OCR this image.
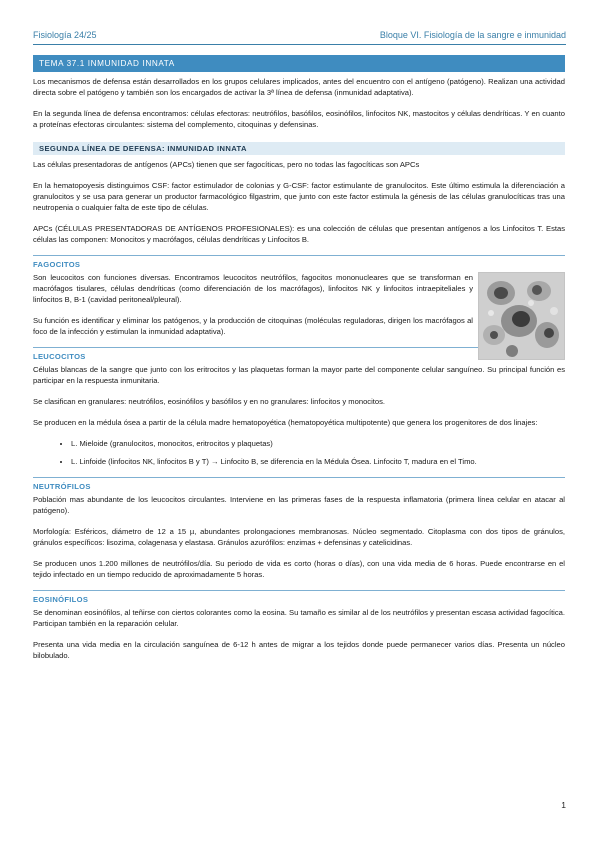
Fisiología 24/25	Bloque VI. Fisiología de la sangre e inmunidad
TEMA 37.1 INMUNIDAD INNATA

Los mecanismos de defensa están desarrollados en los grupos celulares implicados, antes del encuentro con el antígeno (patógeno). Realizan una actividad directa sobre el patógeno y también son los encargados de activar la 3ª línea de defensa (inmunidad adaptativa).

En la segunda línea de defensa encontramos: células efectoras: neutrófilos, basófilos, eosinófilos, linfocitos NK, mastocitos y células dendríticas. Y en cuanto a proteínas efectoras circulantes: sistema del complemento, citoquinas y defensinas.

SEGUNDA LÍNEA DE DEFENSA: INMUNIDAD INNATA

Las células presentadoras de antígenos (APCs) tienen que ser fagocíticas, pero no todas las fagocíticas son APCs

En la hematopoyesis distinguimos CSF: factor estimulador de colonias y G-CSF: factor estimulante de granulocitos. Este último estimula la diferenciación a granulocitos y se usa para generar un productor farmacológico filgastrim, que junto con este factor estimula la génesis de las células granulocíticas tras una neutropenia o cualquier falta de este tipo de células.

APCs (CÉLULAS PRESENTADORAS DE ANTÍGENOS PROFESIONALES): es una colección de células que presentan antígenos a los Linfocitos T. Estas células las componen: Monocitos y macrófagos, células dendríticas y Linfocitos B.

FAGOCITOS

Son leucocitos con funciones diversas. Encontramos leucocitos neutrófilos, fagocitos mononucleares que se transforman en macrófagos tisulares, células dendríticas (como diferenciación de los macrófagos), linfocitos NK y linfocitos intraepiteliales y linfocitos B, B-1 (cavidad peritoneal/pleural).

Su función es identificar y eliminar los patógenos, y la producción de citoquinas (moléculas reguladoras, dirigen los macrófagos al foco de la infección y estimulan la inmunidad adaptativa).

LEUCOCITOS

Células blancas de la sangre que junto con los eritrocitos y las plaquetas forman la mayor parte del componente celular sanguíneo. Su principal función es participar en la respuesta inmunitaria.

Se clasifican en granulares: neutrófilos, eosinófilos y basófilos y en no granulares: linfocitos y monocitos.

Se producen en la médula ósea a partir de la célula madre hematopoyética (hematopoyética multipotente) que genera los progenitores de dos linajes:

• L. Mieloide (granulocitos, monocitos, eritrocitos y plaquetas)
• L. Linfoide (linfocitos NK, linfocitos B y T) → Linfocito B, se diferencia en la Médula Ósea. Linfocito T, madura en el Timo.
NEUTRÓFILOS

Población mas abundante de los leucocitos circulantes. Interviene en las primeras fases de la respuesta inflamatoria (primera línea celular en atacar al patógeno).

Morfología: Esféricos, diámetro de 12 a 15 µ, abundantes prolongaciones membranosas. Núcleo segmentado. Citoplasma con dos tipos de gránulos, gránulos específicos: lisozima, colagenasa y elastasa. Gránulos azurófilos: enzimas + defensinas y catelicidinas.

Se producen unos 1.200 millones de neutrófilos/día. Su periodo de vida es corto (horas o días), con una vida media de 6 horas. Puede encontrarse en el tejido infectado en un tiempo reducido de aproximadamente 5 horas.

EOSINÓFILOS

Se denominan eosinófilos, al teñirse con ciertos colorantes como la eosina. Su tamaño es similar al de los neutrófilos y presentan escasa actividad fagocítica. Participan también en la reparación celular.

Presenta una vida media en la circulación sanguínea de 6-12 h antes de migrar a los tejidos donde puede permanecer varios días. Presenta un núcleo bilobulado.

1
